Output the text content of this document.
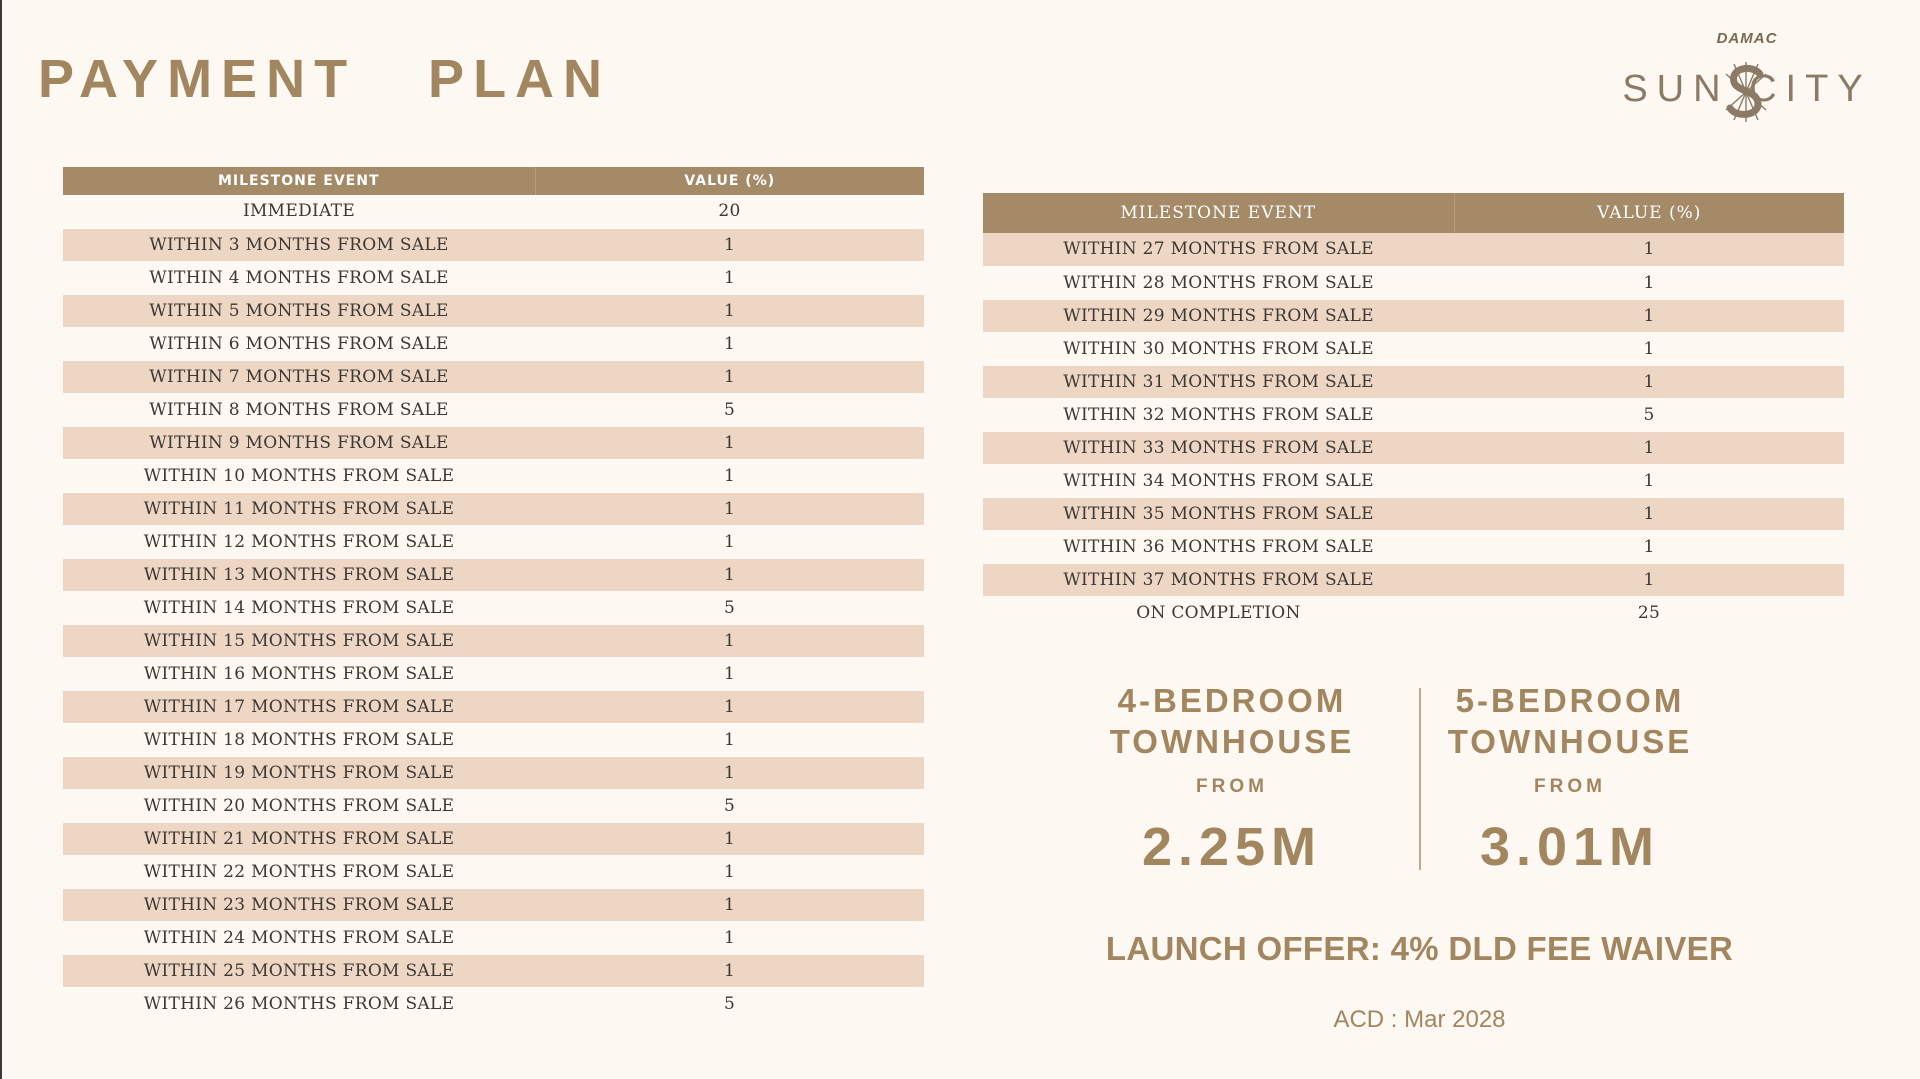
PAYMENT   PLAN
DAMAC
SUN CITY
MILESTONE EVENT	VALUE (%)
IMMEDIATE	20
WITHIN 3 MONTHS FROM SALE	1
WITHIN 4 MONTHS FROM SALE	1
WITHIN 5 MONTHS FROM SALE	1
WITHIN 6 MONTHS FROM SALE	1
WITHIN 7 MONTHS FROM SALE	1
WITHIN 8 MONTHS FROM SALE	5
WITHIN 9 MONTHS FROM SALE	1
WITHIN 10 MONTHS FROM SALE	1
WITHIN 11 MONTHS FROM SALE	1
WITHIN 12 MONTHS FROM SALE	1
WITHIN 13 MONTHS FROM SALE	1
WITHIN 14 MONTHS FROM SALE	5
WITHIN 15 MONTHS FROM SALE	1
WITHIN 16 MONTHS FROM SALE	1
WITHIN 17 MONTHS FROM SALE	1
WITHIN 18 MONTHS FROM SALE	1
WITHIN 19 MONTHS FROM SALE	1
WITHIN 20 MONTHS FROM SALE	5
WITHIN 21 MONTHS FROM SALE	1
WITHIN 22 MONTHS FROM SALE	1
WITHIN 23 MONTHS FROM SALE	1
WITHIN 24 MONTHS FROM SALE	1
WITHIN 25 MONTHS FROM SALE	1
WITHIN 26 MONTHS FROM SALE	5
MILESTONE EVENT	VALUE (%)
WITHIN 27 MONTHS FROM SALE	1
WITHIN 28 MONTHS FROM SALE	1
WITHIN 29 MONTHS FROM SALE	1
WITHIN 30 MONTHS FROM SALE	1
WITHIN 31 MONTHS FROM SALE	1
WITHIN 32 MONTHS FROM SALE	5
WITHIN 33 MONTHS FROM SALE	1
WITHIN 34 MONTHS FROM SALE	1
WITHIN 35 MONTHS FROM SALE	1
WITHIN 36 MONTHS FROM SALE	1
WITHIN 37 MONTHS FROM SALE	1
ON COMPLETION	25
4-BEDROOM
TOWNHOUSE
FROM
2.25M
5-BEDROOM
TOWNHOUSE
FROM
3.01M
LAUNCH OFFER: 4% DLD FEE WAIVER
ACD : Mar 2028
